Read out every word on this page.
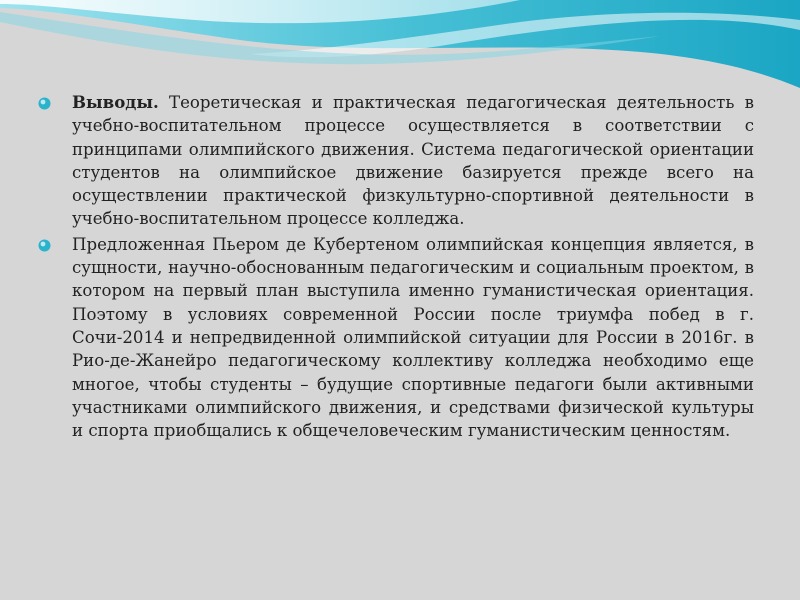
Выводы. Теоретическая и практическая педагогическая деятельность в учебно-воспитательном процессе осуществляется в соответствии с принципами олимпийского движения. Система педагогической ориентации студентов на олимпийское движение базируется прежде всего на осуществлении практической физкультурно-спортивной деятельности в учебно-воспитательном процессе колледжа.
Предложенная Пьером де Кубертеном олимпийская концепция является, в сущности, научно-обоснованным педагогическим и социальным проектом, в котором на первый план выступила именно гуманистическая ориентация. Поэтому в условиях современной России после триумфа побед в г. Сочи-2014 и непредвиденной олимпийской ситуации для России в 2016г. в Рио-де-Жанейро педагогическому коллективу колледжа необходимо еще многое, чтобы студенты – будущие спортивные педагоги были активными участниками олимпийского движения, и средствами физической культуры и спорта приобщались к общечеловеческим гуманистическим ценностям.
